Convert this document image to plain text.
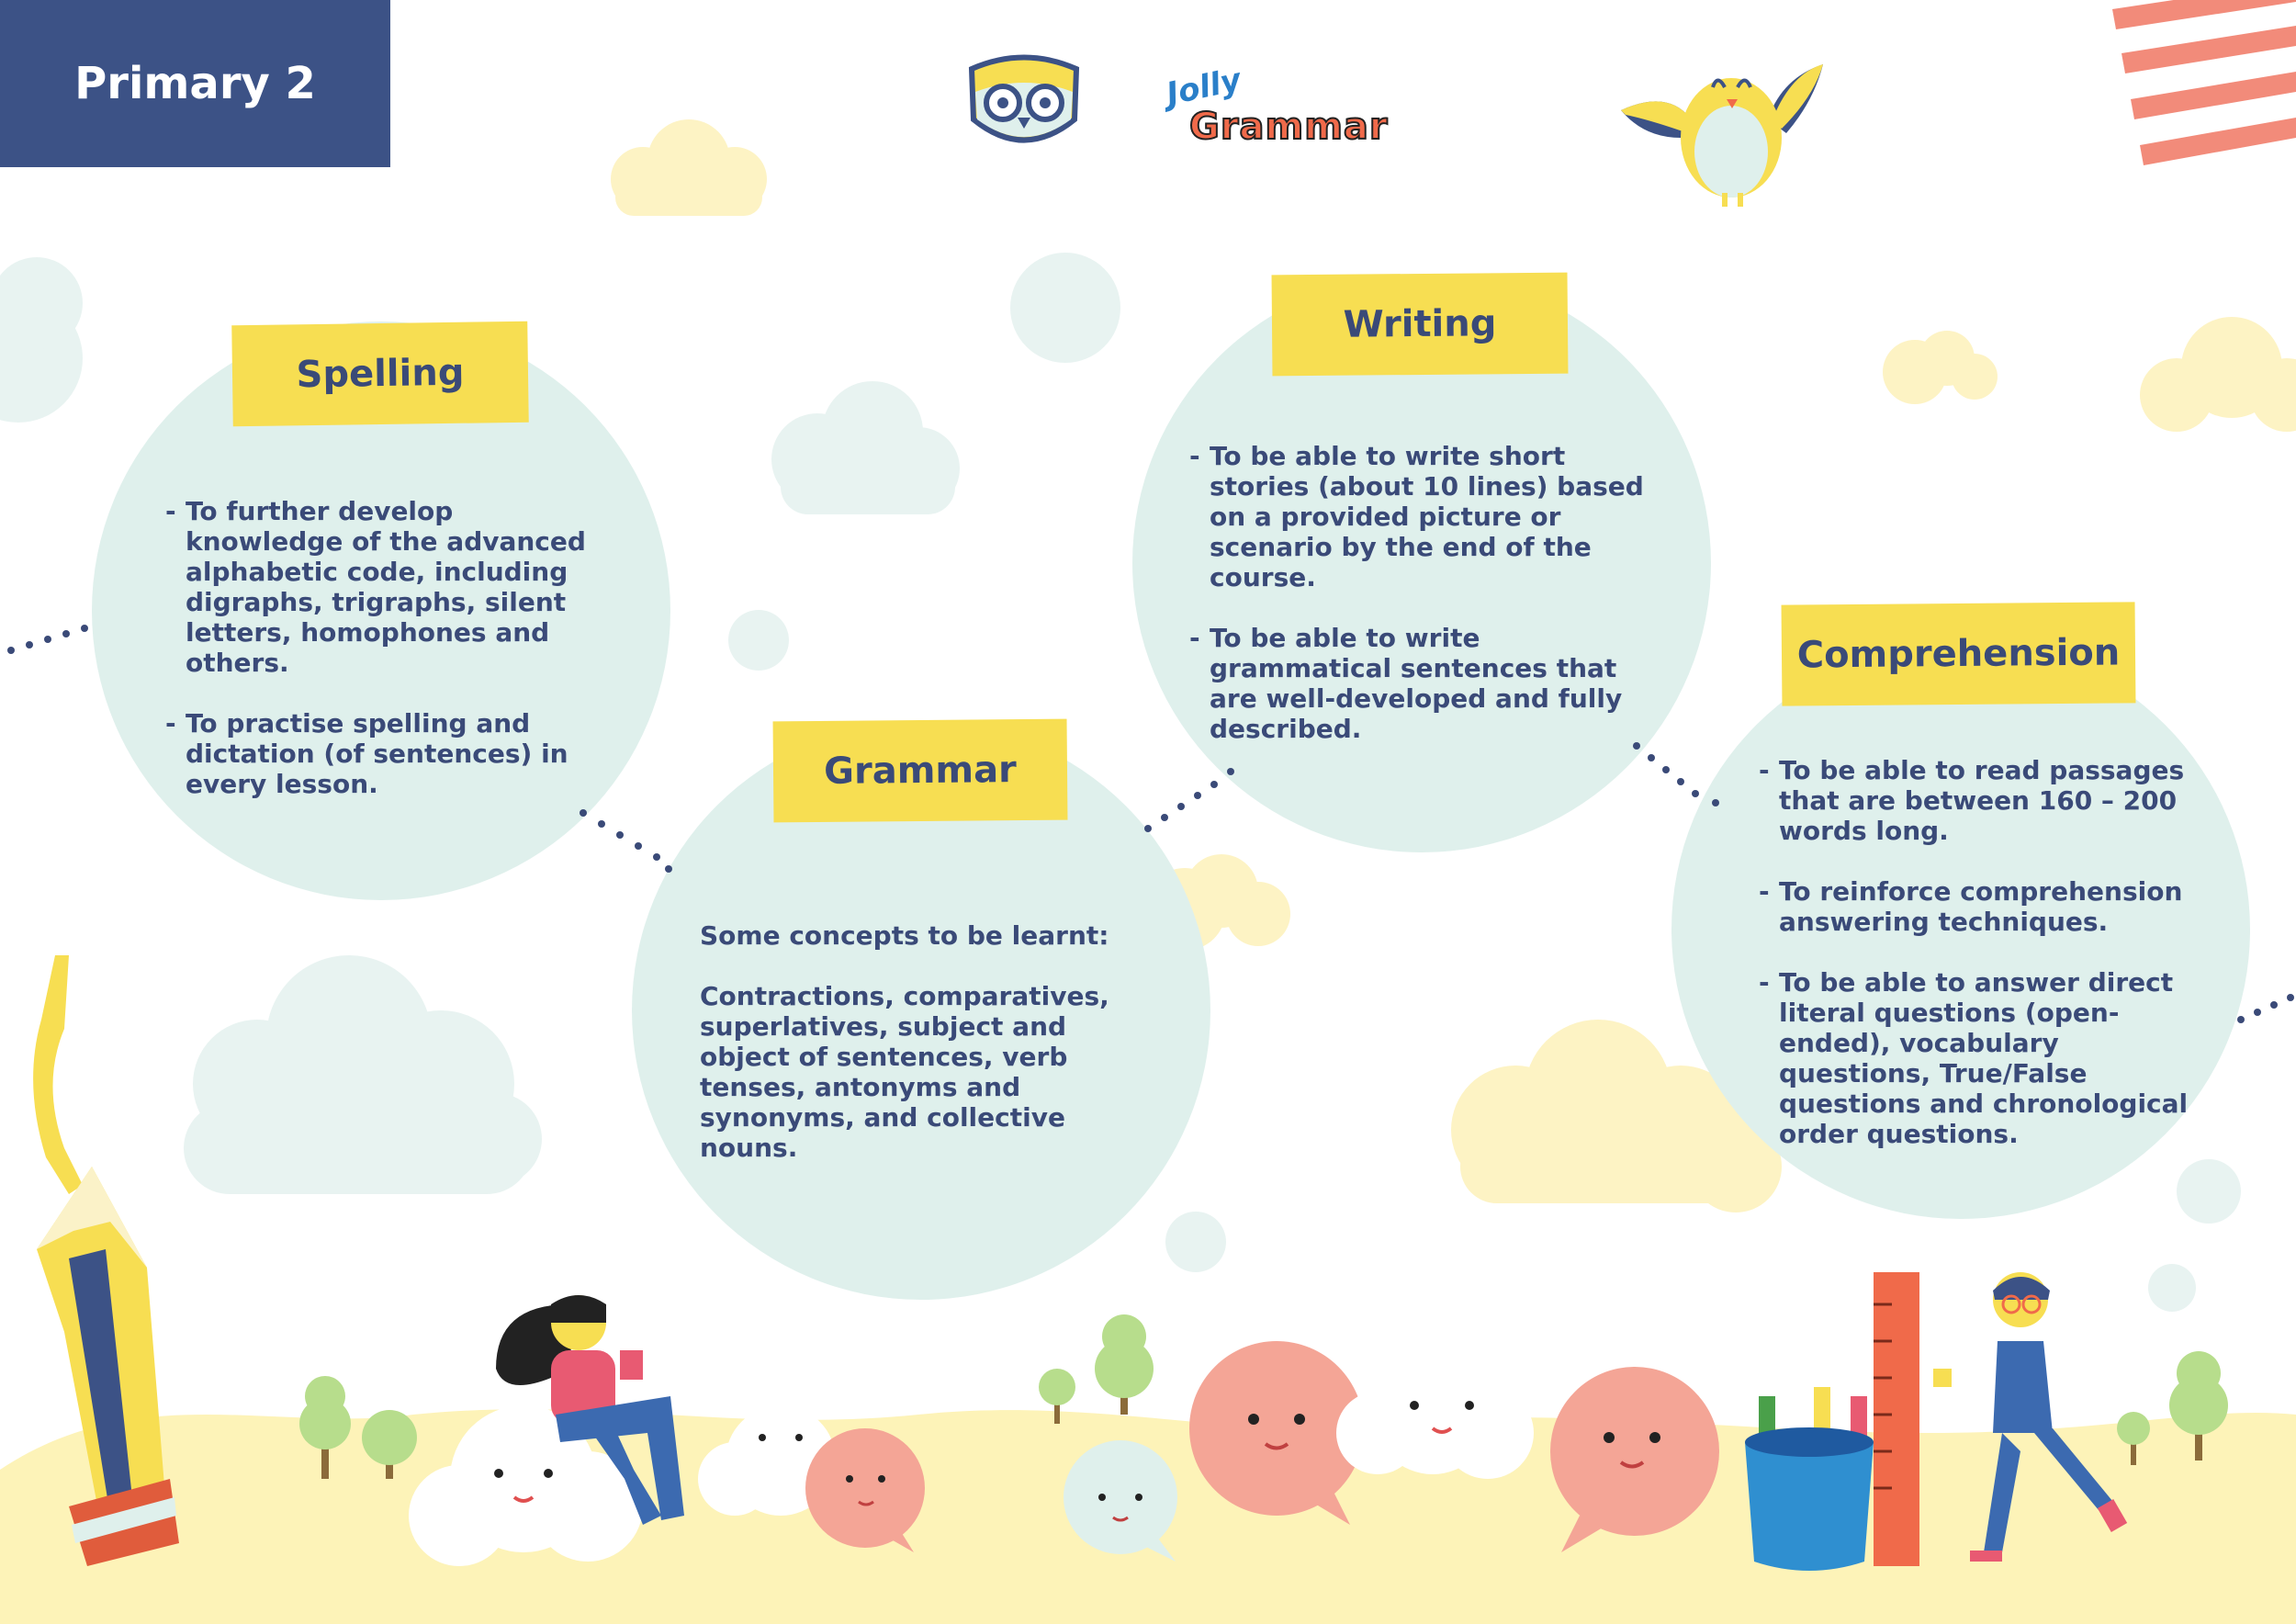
Primary 2	Jolly
Grammar
Spelling
- To further develop knowledge of the advanced alphabetic code, including digraphs, trigraphs, silent letters, homophones and others.
- To practise spelling and dictation (of sentences) in every lesson.	Grammar
Some concepts to be learnt:
Contractions, comparatives, superlatives, subject and object of sentences, verb tenses, antonyms and synonyms, and collective nouns.
Writing
- To be able to write short stories (about 10 lines) based on a provided picture or scenario by the end of the course.
- To be able to write grammatical sentences that are well-developed and fully described.
Comprehension
- To be able to read passages that are between 160 – 200 words long.
- To reinforce comprehension answering techniques.
- To be able to answer direct literal questions (open-ended), vocabulary questions, True/False questions and chronological order questions.
